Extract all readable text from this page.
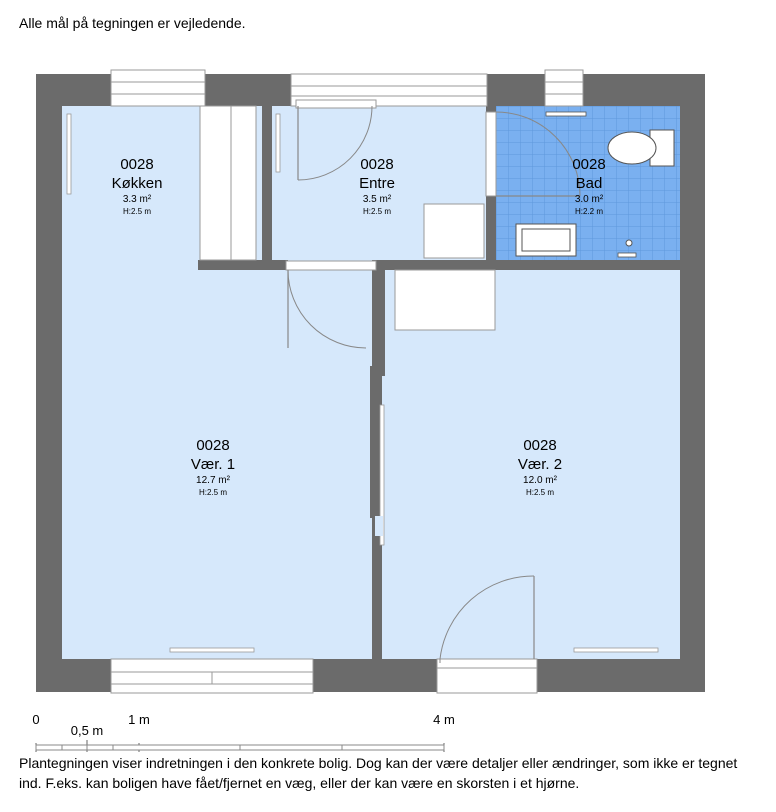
Alle mål på tegningen er vejledende.
0028
Køkken
3.3 m²
H:2.5 m
0028
Entre
3.5 m²
H:2.5 m
0028
Bad
3.0 m²
H:2.2 m
0028
Vær. 1
12.7 m²
H:2.5 m
0028
Vær. 2
12.0 m²
H:2.5 m
0
0,5 m
1 m	4 m
Plantegningen viser indretningen i den konkrete bolig. Dog kan der være detaljer eller ændringer, som ikke er tegnet ind. F.eks. kan boligen have fået/fjernet en væg, eller der kan være en skorsten i et hjørne.
